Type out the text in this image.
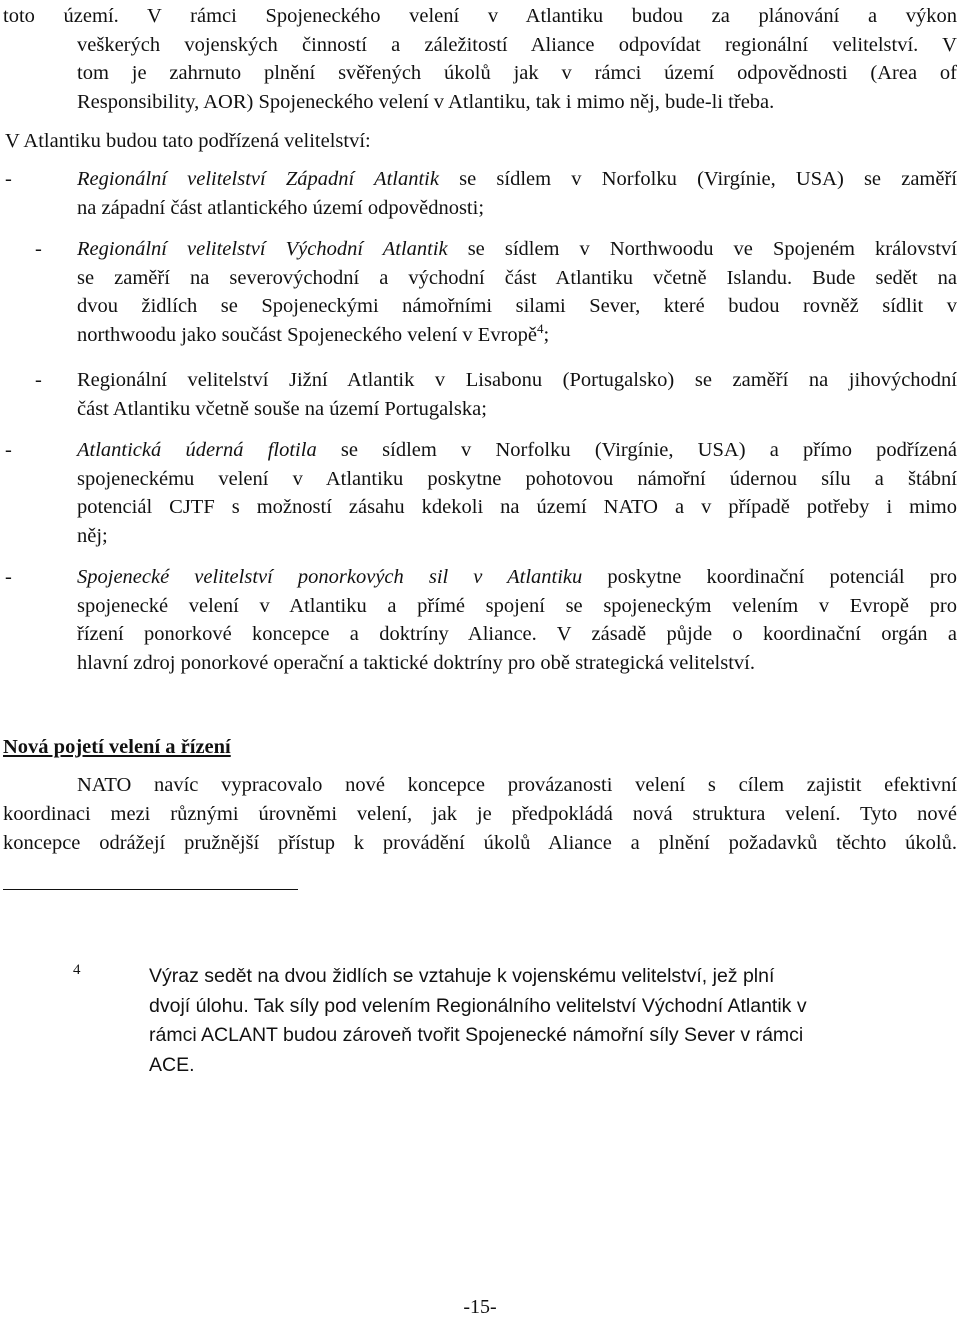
toto území. V rámci Spojeneckého velení v Atlantiku budou za plánování a výkon
veškerých vojenských činností a záležitostí Aliance odpovídat regionální velitelství. V
tom je zahrnuto plnění svěřených úkolů jak v rámci území odpovědnosti (Area of
Responsibility, AOR) Spojeneckého velení v Atlantiku, tak i mimo něj, bude-li třeba.
V Atlantiku budou tato podřízená velitelství:
-	Regionální velitelství Západní Atlantik se sídlem v Norfolku (Virgínie, USA) se zaměří
na západní část atlantického území odpovědnosti;
- Regionální velitelství Východní Atlantik se sídlem v Northwoodu ve Spojeném království
se zaměří na severovýchodní a východní část Atlantiku včetně Islandu. Bude sedět na
dvou židlích se Spojeneckými námořními silami Sever, které budou rovněž sídlit v
northwoodu jako součást Spojeneckého velení v Evropě$^4$;
- Regionální velitelství Jižní Atlantik v Lisabonu (Portugalsko) se zaměří na jihovýchodní
část Atlantiku včetně souše na území Portugalska;
-	Atlantická úderná flotila se sídlem v Norfolku (Virgínie, USA) a přímo podřízená
spojeneckému velení v Atlantiku poskytne pohotovou námořní údernou sílu a štábní
potenciál CJTF s možností zásahu kdekoli na území NATO a v případě potřeby i mimo
něj;
-	Spojenecké velitelství ponorkových sil v Atlantiku poskytne koordinační potenciál pro
spojenecké velení v Atlantiku a přímé spojení se spojeneckým velením v Evropě pro
řízení ponorkové koncepce a doktríny Aliance. V zásadě půjde o koordinační orgán a
hlavní zdroj ponorkové operační a taktické doktríny pro obě strategická velitelství.
Nová pojetí velení a řízení
NATO navíc vypracovalo nové koncepce provázanosti velení s cílem zajistit efektivní
koordinaci mezi různými úrovněmi velení, jak je předpokládá nová struktura velení. Tyto nové
koncepce odrážejí pružnější přístup k provádění úkolů Aliance a plnění požadavků těchto úkolů.
4	Výraz sedět na dvou židlích se vztahuje k vojenskému velitelství, jež plní
dvojí úlohu. Tak síly pod velením Regionálního velitelství Východní Atlantik v
rámci ACLANT budou zároveň tvořit Spojenecké námořní síly Sever v rámci
ACE.
-15-
